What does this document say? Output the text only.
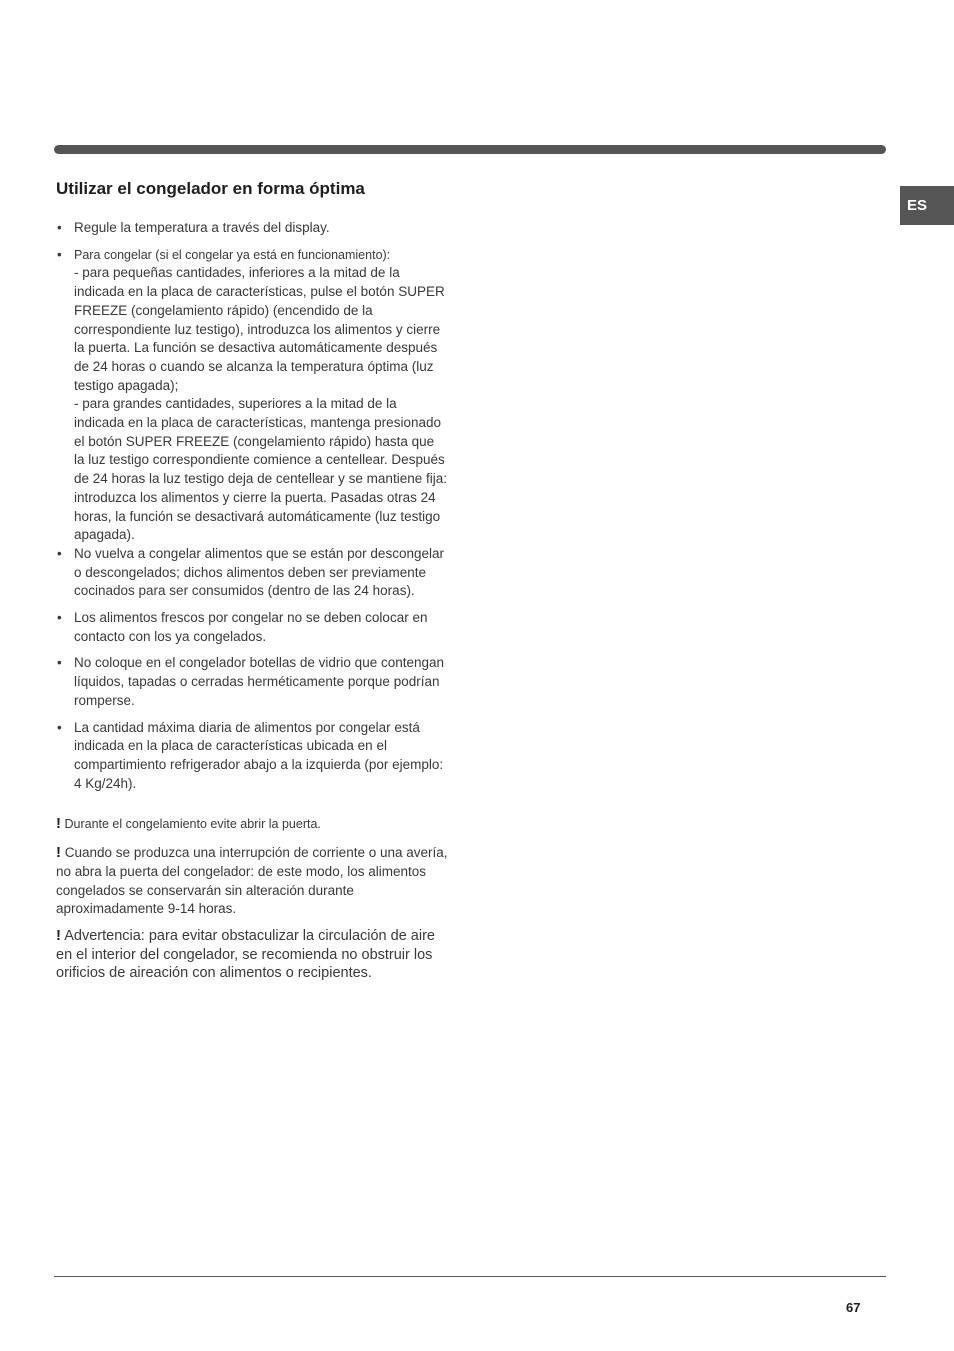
Utilizar el congelador en forma óptima
ES
• Regule la temperatura a través del display.

• Para congelar (si el congelar ya está en funcionamiento):

- para pequeñas cantidades, inferiores a la mitad de la indicada en la placa de características, pulse el botón SUPER FREEZE (congelamiento rápido) (encendido de la correspondiente luz testigo), introduzca los alimentos y cierre la puerta. La función se desactiva automáticamente después de 24 horas o cuando se alcanza la temperatura óptima (luz testigo apagada);

- para grandes cantidades, superiores a la mitad de la indicada en la placa de características, mantenga presionado el botón SUPER FREEZE (congelamiento rápido) hasta que la luz testigo correspondiente comience a centellear. Después de 24 horas la luz testigo deja de centellear y se mantiene fija: introduzca los alimentos y cierre la puerta. Pasadas otras 24 horas, la función se desactivará automáticamente (luz testigo apagada).

• No vuelva a congelar alimentos que se están por descongelar o descongelados; dichos alimentos deben ser previamente cocinados para ser consumidos (dentro de las 24 horas).

• Los alimentos frescos por congelar no se deben colocar en contacto con los ya congelados.

• No coloque en el congelador botellas de vidrio que contengan líquidos, tapadas o cerradas herméticamente porque podrían romperse.

• La cantidad máxima diaria de alimentos por congelar está indicada en la placa de características ubicada en el compartimiento refrigerador abajo a la izquierda (por ejemplo: 4 Kg/24h).

! Durante el congelamiento evite abrir la puerta.

! Cuando se produzca una interrupción de corriente o una avería, no abra la puerta del congelador: de este modo, los alimentos congelados se conservarán sin alteración durante aproximadamente 9-14 horas.

! Advertencia: para evitar obstaculizar la circulación de aire en el interior del congelador, se recomienda no obstruir los orificios de aireación con alimentos o recipientes.

67
